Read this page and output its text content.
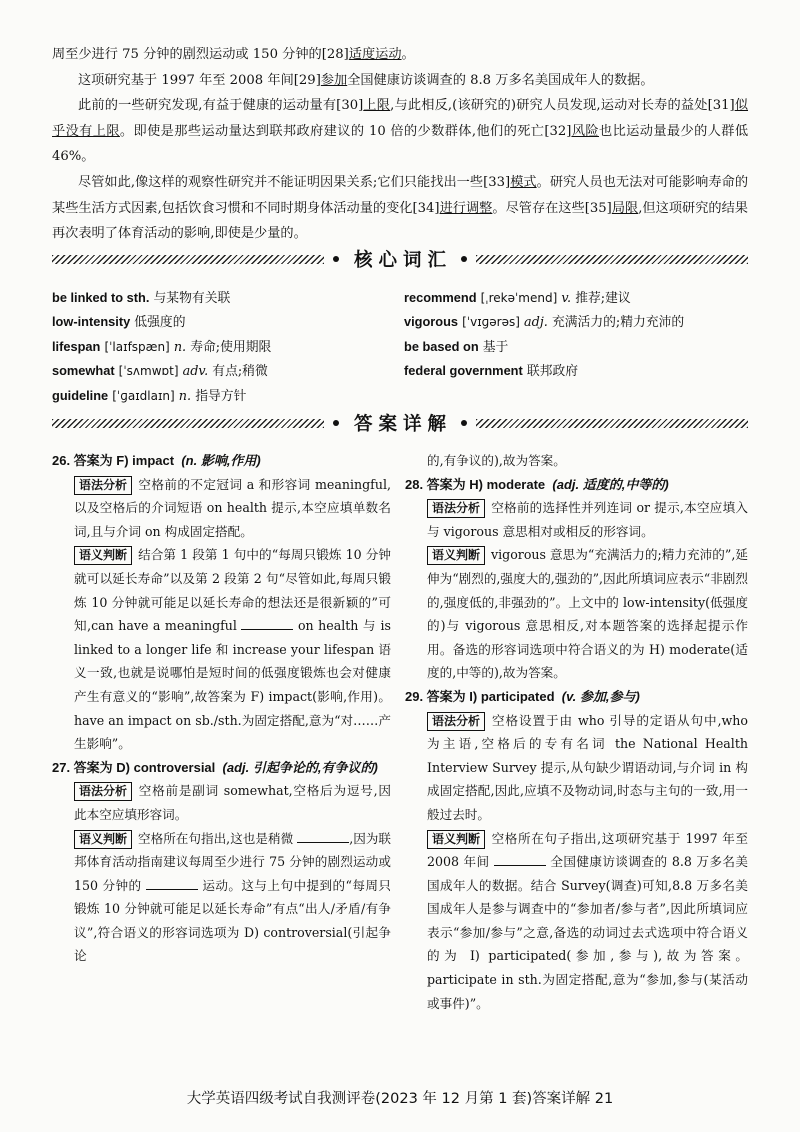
周至少进行 75 分钟的剧烈运动或 150 分钟的[28]适度运动。

这项研究基于 1997 年至 2008 年间[29]参加全国健康访谈调查的 8.8 万多名美国成年人的数据。

此前的一些研究发现,有益于健康的运动量有[30]上限,与此相反,(该研究的)研究人员发现,运动对长寿的益处[31]似乎没有上限。即使是那些运动量达到联邦政府建议的 10 倍的少数群体,他们的死亡[32]风险也比运动量最少的人群低 46%。

尽管如此,像这样的观察性研究并不能证明因果关系;它们只能找出一些[33]模式。研究人员也无法对可能影响寿命的某些生活方式因素,包括饮食习惯和不同时期身体活动量的变化[34]进行调整。尽管存在这些[35]局限,但这项研究的结果再次表明了体育活动的影响,即使是少量的。

核心词汇
be linked to sth. 与某物有关联
low-intensity 低强度的
lifespan [ˈlaɪfspæn] n. 寿命;使用期限
somewhat [ˈsʌmwɒt] adv. 有点;稍微
guideline [ˈɡaɪdlaɪn] n. 指导方针
recommend [ˌrekəˈmend] v. 推荐;建议
vigorous [ˈvɪɡərəs] adj. 充满活力的;精力充沛的
be based on 基于
federal government 联邦政府
答案详解

26. 答案为 F) impact (n. 影响,作用)

语法分析 空格前的不定冠词 a 和形容词 meaningful,以及空格后的介词短语 on health 提示,本空应填单数名词,且与介词 on 构成固定搭配。

语义判断 结合第 1 段第 1 句中的“每周只锻炼 10 分钟就可以延长寿命”以及第 2 段第 2 句“尽管如此,每周只锻炼 10 分钟就可能足以延长寿命的想法还是很新颖的”可知,can have a meaningful	on health 与 is linked to a longer life 和 increase your lifespan 语义一致,也就是说哪怕是短时间的低强度锻炼也会对健康产生有意义的“影响”,故答案为 F) impact(影响,作用)。have an impact on sb./sth.为固定搭配,意为“对……产生影响”。

27. 答案为 D) controversial (adj. 引起争论的,有争议的)

语法分析 空格前是副词 somewhat,空格后为逗号,因此本空应填形容词。

语义判断 空格所在句指出,这也是稍微	,因为联邦体育活动指南建议每周至少进行 75 分钟的剧烈运动或 150 分钟的	运动。这与上句中提到的“每周只锻炼 10 分钟就可能足以延长寿命”有点“出人/矛盾/有争议”,符合语义的形容词选项为 D) controversial(引起争论

的,有争议的),故为答案。

28. 答案为 H) moderate (adj. 适度的,中等的)

语法分析 空格前的选择性并列连词 or 提示,本空应填入与 vigorous 意思相对或相反的形容词。

语义判断 vigorous 意思为“充满活力的;精力充沛的”,延伸为“剧烈的,强度大的,强劲的”,因此所填词应表示“非剧烈的,强度低的,非强劲的”。上文中的 low-intensity(低强度的)与 vigorous 意思相反,对本题答案的选择起提示作用。备选的形容词选项中符合语义的为 H) moderate(适度的,中等的),故为答案。

29. 答案为 I) participated (v. 参加,参与)

语法分析 空格设置于由 who 引导的定语从句中,who 为主语,空格后的专有名词 the National Health Interview Survey 提示,从句缺少谓语动词,与介词 in 构成固定搭配,因此,应填不及物动词,时态与主句的一致,用一般过去时。

语义判断 空格所在句子指出,这项研究基于 1997 年至 2008 年间	全国健康访谈调查的 8.8 万多名美国成年人的数据。结合 Survey(调查)可知,8.8 万多名美国成年人是参与调查中的“参加者/参与者”,因此所填词应表示“参加/参与”之意,备选的动词过去式选项中符合语义的为 I) participated(参加,参与),故为答案。participate in sth.为固定搭配,意为“参加,参与(某活动或事件)”。

大学英语四级考试自我测评卷(2023 年 12 月第 1 套)答案详解 21
